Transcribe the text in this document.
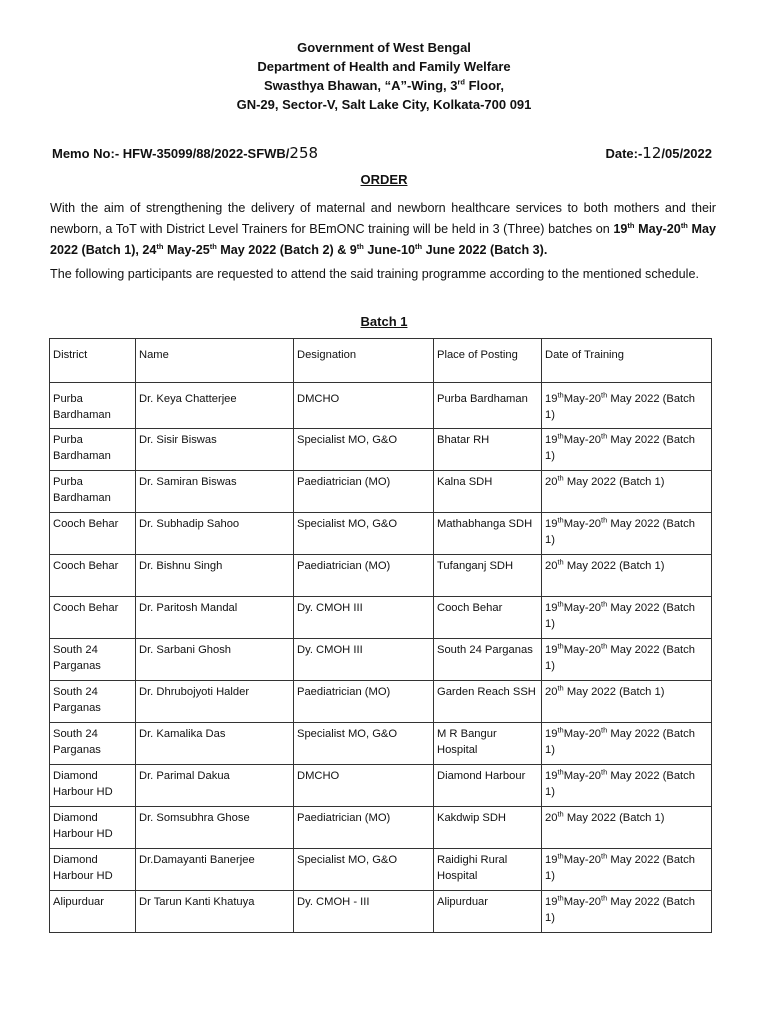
Government of West Bengal
Department of Health and Family Welfare
Swasthya Bhawan, “A”-Wing, 3rd Floor,
GN-29, Sector-V, Salt Lake City, Kolkata-700 091
Memo No:- HFW-35099/88/2022-SFWB/258	Date:-12/05/2022
ORDER
With the aim of strengthening the delivery of maternal and newborn healthcare services to both mothers and their newborn, a ToT with District Level Trainers for BEmONC training will be held in 3 (Three) batches on 19th May-20th May 2022 (Batch 1), 24th May-25th May 2022 (Batch 2) & 9th June-10th June 2022 (Batch 3).
The following participants are requested to attend the said training programme according to the mentioned schedule.
Batch 1
District	Name	Designation	Place of Posting	Date of Training
Purba Bardhaman	Dr. Keya Chatterjee	DMCHO	Purba Bardhaman	19thMay-20th May 2022 (Batch 1)
Purba Bardhaman	Dr. Sisir Biswas	Specialist MO, G&O	Bhatar RH	19thMay-20th May 2022 (Batch 1)
Purba Bardhaman	Dr. Samiran Biswas	Paediatrician (MO)	Kalna SDH	20th May 2022 (Batch 1)
Cooch Behar	Dr. Subhadip Sahoo	Specialist MO, G&O	Mathabhanga SDH	19thMay-20th May 2022 (Batch 1)
Cooch Behar	Dr. Bishnu Singh	Paediatrician (MO)	Tufanganj SDH	20th May 2022 (Batch 1)
Cooch Behar	Dr. Paritosh Mandal	Dy. CMOH III	Cooch Behar	19thMay-20th May 2022 (Batch 1)
South 24 Parganas	Dr. Sarbani Ghosh	Dy. CMOH III	South 24 Parganas	19thMay-20th May 2022 (Batch 1)
South 24 Parganas	Dr. Dhrubojyoti Halder	Paediatrician (MO)	Garden Reach SSH	20th May 2022 (Batch 1)
South 24 Parganas	Dr. Kamalika Das	Specialist MO, G&O	M R Bangur Hospital	19thMay-20th May 2022 (Batch 1)
Diamond Harbour HD	Dr. Parimal Dakua	DMCHO	Diamond Harbour	19thMay-20th May 2022 (Batch 1)
Diamond Harbour HD	Dr. Somsubhra Ghose	Paediatrician (MO)	Kakdwip SDH	20th May 2022 (Batch 1)
Diamond Harbour HD	Dr.Damayanti Banerjee	Specialist MO, G&O	Raidighi Rural Hospital	19thMay-20th May 2022 (Batch 1)
Alipurduar	Dr Tarun Kanti Khatuya	Dy. CMOH - III	Alipurduar	19thMay-20th May 2022 (Batch 1)
